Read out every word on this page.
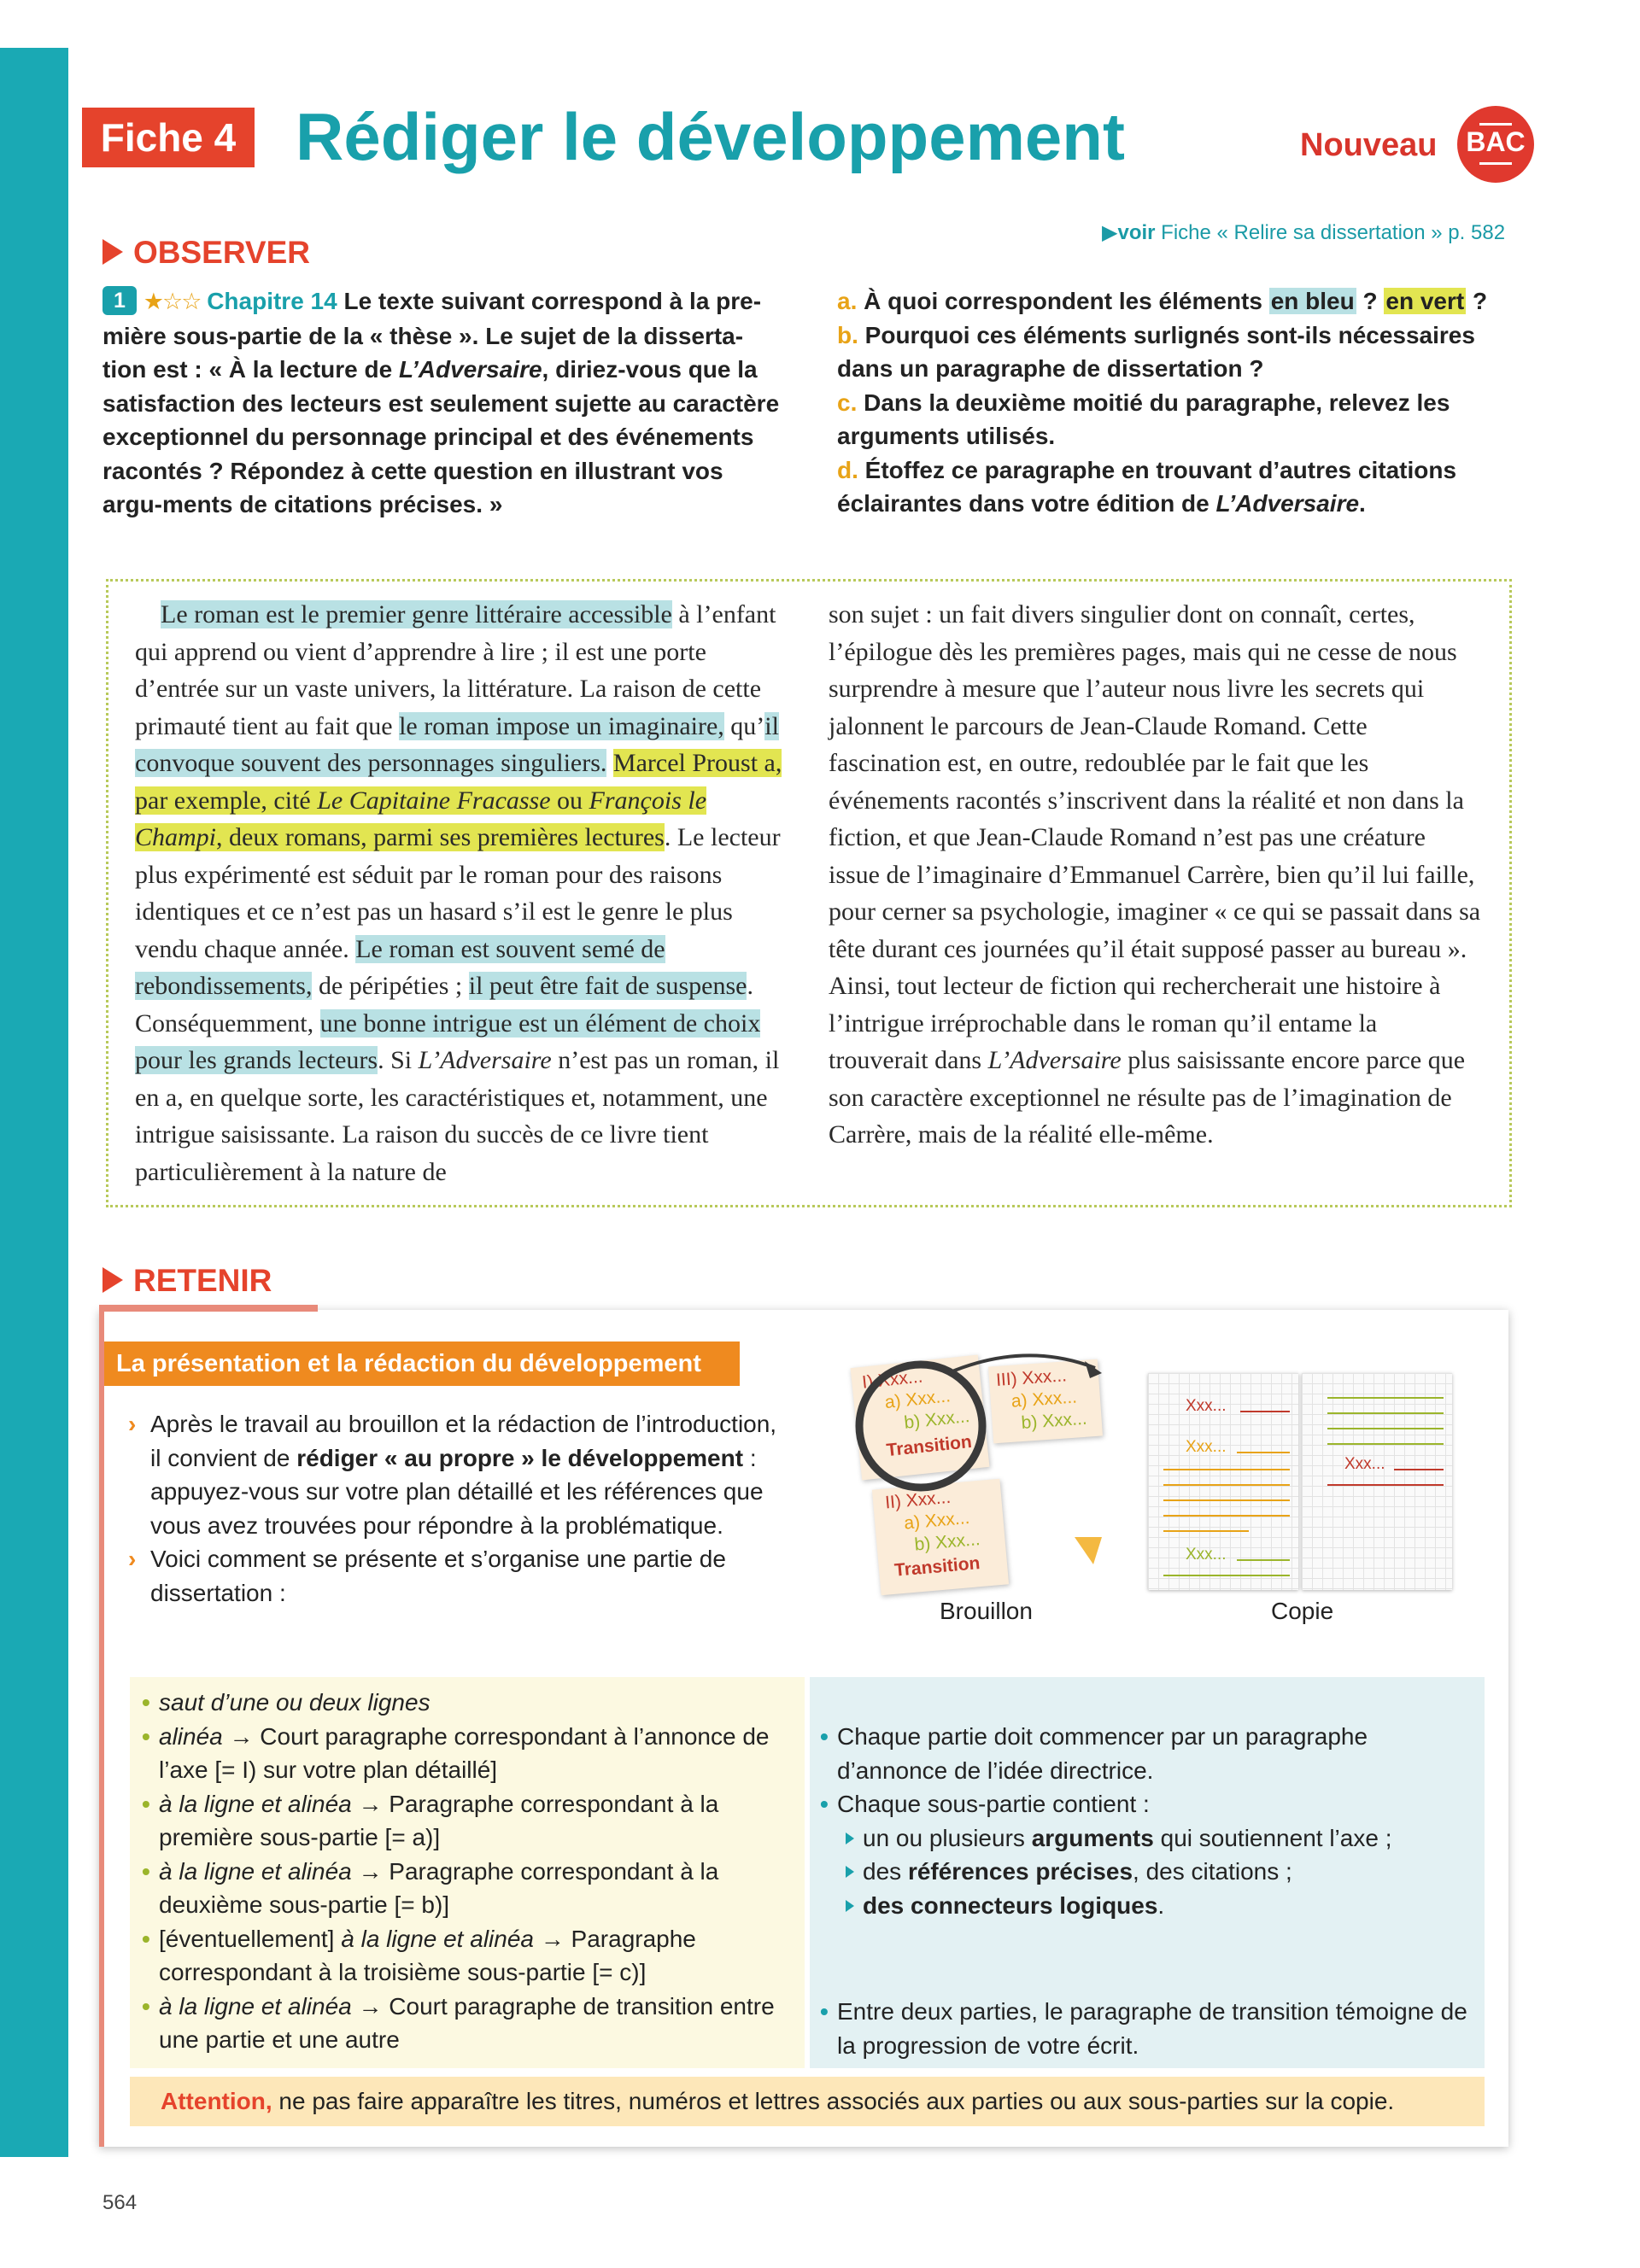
Fiche 4 Rédiger le développement	Nouveau	BAC
OBSERVER
▶voir Fiche « Relire sa dissertation » p. 582
1 ★☆☆ Chapitre 14 Le texte suivant correspond à la pre-mière sous-partie de la « thèse ». Le sujet de la disserta-tion est : « À la lecture de L’Adversaire, diriez-vous que la satisfaction des lecteurs est seulement sujette au caractère exceptionnel du personnage principal et des événements racontés ? Répondez à cette question en illustrant vos argu-ments de citations précises. »
a. À quoi correspondent les éléments en bleu ? en vert ?
b. Pourquoi ces éléments surlignés sont-ils nécessaires dans un paragraphe de dissertation ?
c. Dans la deuxième moitié du paragraphe, relevez les arguments utilisés.
d. Étoffez ce paragraphe en trouvant d’autres citations éclairantes dans votre édition de L’Adversaire.
Le roman est le premier genre littéraire accessible à l’enfant qui apprend ou vient d’apprendre à lire ; il est une porte d’entrée sur un vaste univers, la littérature. La raison de cette primauté tient au fait que le roman impose un imaginaire, qu’il convoque souvent des personnages singuliers. Marcel Proust a, par exemple, cité Le Capitaine Fracasse ou François le Champi, deux romans, parmi ses premières lectures. Le lecteur plus expérimenté est séduit par le roman pour des raisons identiques et ce n’est pas un hasard s’il est le genre le plus vendu chaque année. Le roman est souvent semé de rebondissements, de péripéties ; il peut être fait de suspense. Conséquemment, une bonne intrigue est un élément de choix pour les grands lecteurs. Si L’Adversaire n’est pas un roman, il en a, en quelque sorte, les caractéristiques et, notamment, une intrigue saisissante. La raison du succès de ce livre tient particulièrement à la nature de
son sujet : un fait divers singulier dont on connaît, certes, l’épilogue dès les premières pages, mais qui ne cesse de nous surprendre à mesure que l’auteur nous livre les secrets qui jalonnent le parcours de Jean-Claude Romand. Cette fascination est, en outre, redoublée par le fait que les événements racontés s’inscrivent dans la réalité et non dans la fiction, et que Jean-Claude Romand n’est pas une créature issue de l’imaginaire d’Emmanuel Carrère, bien qu’il lui faille, pour cerner sa psychologie, imaginer « ce qui se passait dans sa tête durant ces journées qu’il était supposé passer au bureau ». Ainsi, tout lecteur de fiction qui rechercherait une histoire à l’intrigue irréprochable dans le roman qu’il entame la trouverait dans L’Adversaire plus saisissante encore parce que son caractère exceptionnel ne résulte pas de l’imagination de Carrère, mais de la réalité elle-même.
RETENIR
La présentation et la rédaction du développement
› Après le travail au brouillon et la rédaction de l’introduction, il convient de rédiger « au propre » le développement : appuyez-vous sur votre plan détaillé et les références que vous avez trouvées pour répondre à la problématique.
› Voici comment se présente et s’organise une partie de dissertation :
I) Xxx...
a) Xxx...
b) Xxx...
Transition
III) Xxx...
a) Xxx...
b) Xxx...
II) Xxx...
a) Xxx...
b) Xxx...
Transition
Xxx...
Xxx...
Xxx...
Xxx...
Brouillon	Copie
• saut d’une ou deux lignes
• alinéa → Court paragraphe correspondant à l’annonce de l’axe [= I) sur votre plan détaillé]
• à la ligne et alinéa → Paragraphe correspondant à la première sous-partie [= a)]
• à la ligne et alinéa → Paragraphe correspondant à la deuxième sous-partie [= b)]
• [éventuellement] à la ligne et alinéa → Paragraphe correspondant à la troisième sous-partie [= c)]
• à la ligne et alinéa → Court paragraphe de transition entre une partie et une autre
• Chaque partie doit commencer par un paragraphe d’annonce de l’idée directrice.
• Chaque sous-partie contient :
un ou plusieurs arguments qui soutiennent l’axe ;
des références précises, des citations ;
des connecteurs logiques.
• Entre deux parties, le paragraphe de transition témoigne de la progression de votre écrit.
Attention, ne pas faire apparaître les titres, numéros et lettres associés aux parties ou aux sous-parties sur la copie.
564
